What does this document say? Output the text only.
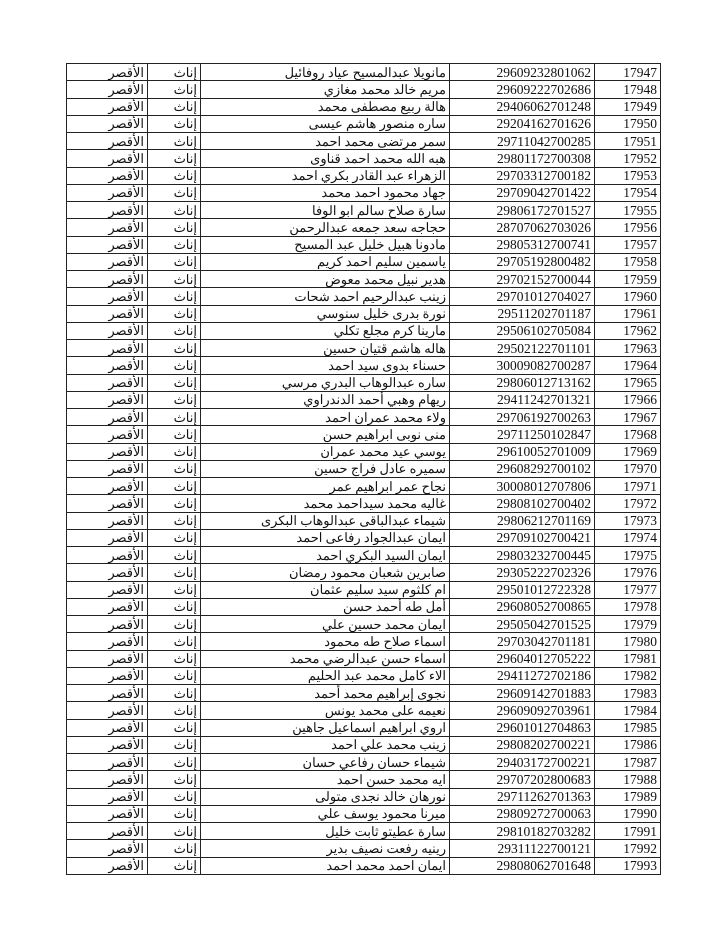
الأقصر	إناث	مانويلا عبدالمسيح عياد روفائيل	29609232801062	17947
الأقصر	إناث	مريم خالد محمد مغازي	29609222702686	17948
الأقصر	إناث	هالة ربيع مصطفى محمد	29406062701248	17949
الأقصر	إناث	ساره منصور هاشم عيسى	29204162701626	17950
الأقصر	إناث	سمر مرتضى محمد احمد	29711042700285	17951
الأقصر	إناث	هبه الله محمد احمد قناوى	29801172700308	17952
الأقصر	إناث	الزهراء عبد القادر بكري احمد	29703312700182	17953
الأقصر	إناث	جهاد محمود احمد محمد	29709042701422	17954
الأقصر	إناث	سارة صلاح سالم ابو الوفا	29806172701527	17955
الأقصر	إناث	حجاجه سعد جمعه عبدالرحمن	28707062703026	17956
الأقصر	إناث	مادونا هبيل خليل عبد المسيح	29805312700741	17957
الأقصر	إناث	ياسمين سليم احمد كريم	29705192800482	17958
الأقصر	إناث	هدير نبيل محمد معوض	29702152700044	17959
الأقصر	إناث	زينب عبدالرحيم احمد شحات	29701012704027	17960
الأقصر	إناث	نورة بدرى خليل سنوسي	29511202701187	17961
الأقصر	إناث	مارينا كرم مجلع تكلي	29506102705084	17962
الأقصر	إناث	هاله هاشم قتيان حسين	29502122701101	17963
الأقصر	إناث	حسناء بدوى سيد احمد	30009082700287	17964
الأقصر	إناث	ساره عبدالوهاب البدري مرسي	29806012713162	17965
الأقصر	إناث	ريهام وهبي أحمد الدندراوي	29411242701321	17966
الأقصر	إناث	ولاء محمد عمران احمد	29706192700263	17967
الأقصر	إناث	منى نوبى ابراهيم حسن	29711250102847	17968
الأقصر	إناث	يوسي عيد محمد عمران	29610052701009	17969
الأقصر	إناث	سميره عادل فراج حسين	29608292700102	17970
الأقصر	إناث	نجاح عمر ابراهيم عمر	30008012707806	17971
الأقصر	إناث	غاليه محمد سيداحمد محمد	29808102700402	17972
الأقصر	إناث	شيماء عبدالباقى عبدالوهاب البكرى	29806212701169	17973
الأقصر	إناث	ايمان عبدالجواد رفاعى احمد	29709102700421	17974
الأقصر	إناث	ايمان السيد البكري احمد	29803232700445	17975
الأقصر	إناث	صابرين شعبان محمود رمضان	29305222702326	17976
الأقصر	إناث	ام كلثوم سيد سليم عثمان	29501012722328	17977
الأقصر	إناث	أمل طه أحمد حسن	29608052700865	17978
الأقصر	إناث	ايمان محمد حسين علي	29505042701525	17979
الأقصر	إناث	اسماء صلاح طه محمود	29703042701181	17980
الأقصر	إناث	اسماء حسن عبدالرضي محمد	29604012705222	17981
الأقصر	إناث	الاء كامل محمد عبد الحليم	29411272702186	17982
الأقصر	إناث	نجوى إبراهيم محمد أحمد	29609142701883	17983
الأقصر	إناث	نعيمه على محمد يونس	29609092703961	17984
الأقصر	إناث	اروي ابراهيم اسماعيل جاهين	29601012704863	17985
الأقصر	إناث	زينب محمد علي احمد	29808202700221	17986
الأقصر	إناث	شيماء حسان رفاعي حسان	29403172700221	17987
الأقصر	إناث	ايه محمد حسن احمد	29707202800683	17988
الأقصر	إناث	نورهان خالد نجدى متولى	29711262701363	17989
الأقصر	إناث	ميرنا محمود يوسف علي	29809272700063	17990
الأقصر	إناث	سارة عطيتو ثابت خليل	29810182703282	17991
الأقصر	إناث	رينيه رفعت نصيف بدير	29311122700121	17992
الأقصر	إناث	ايمان احمد محمد احمد	29808062701648	17993
